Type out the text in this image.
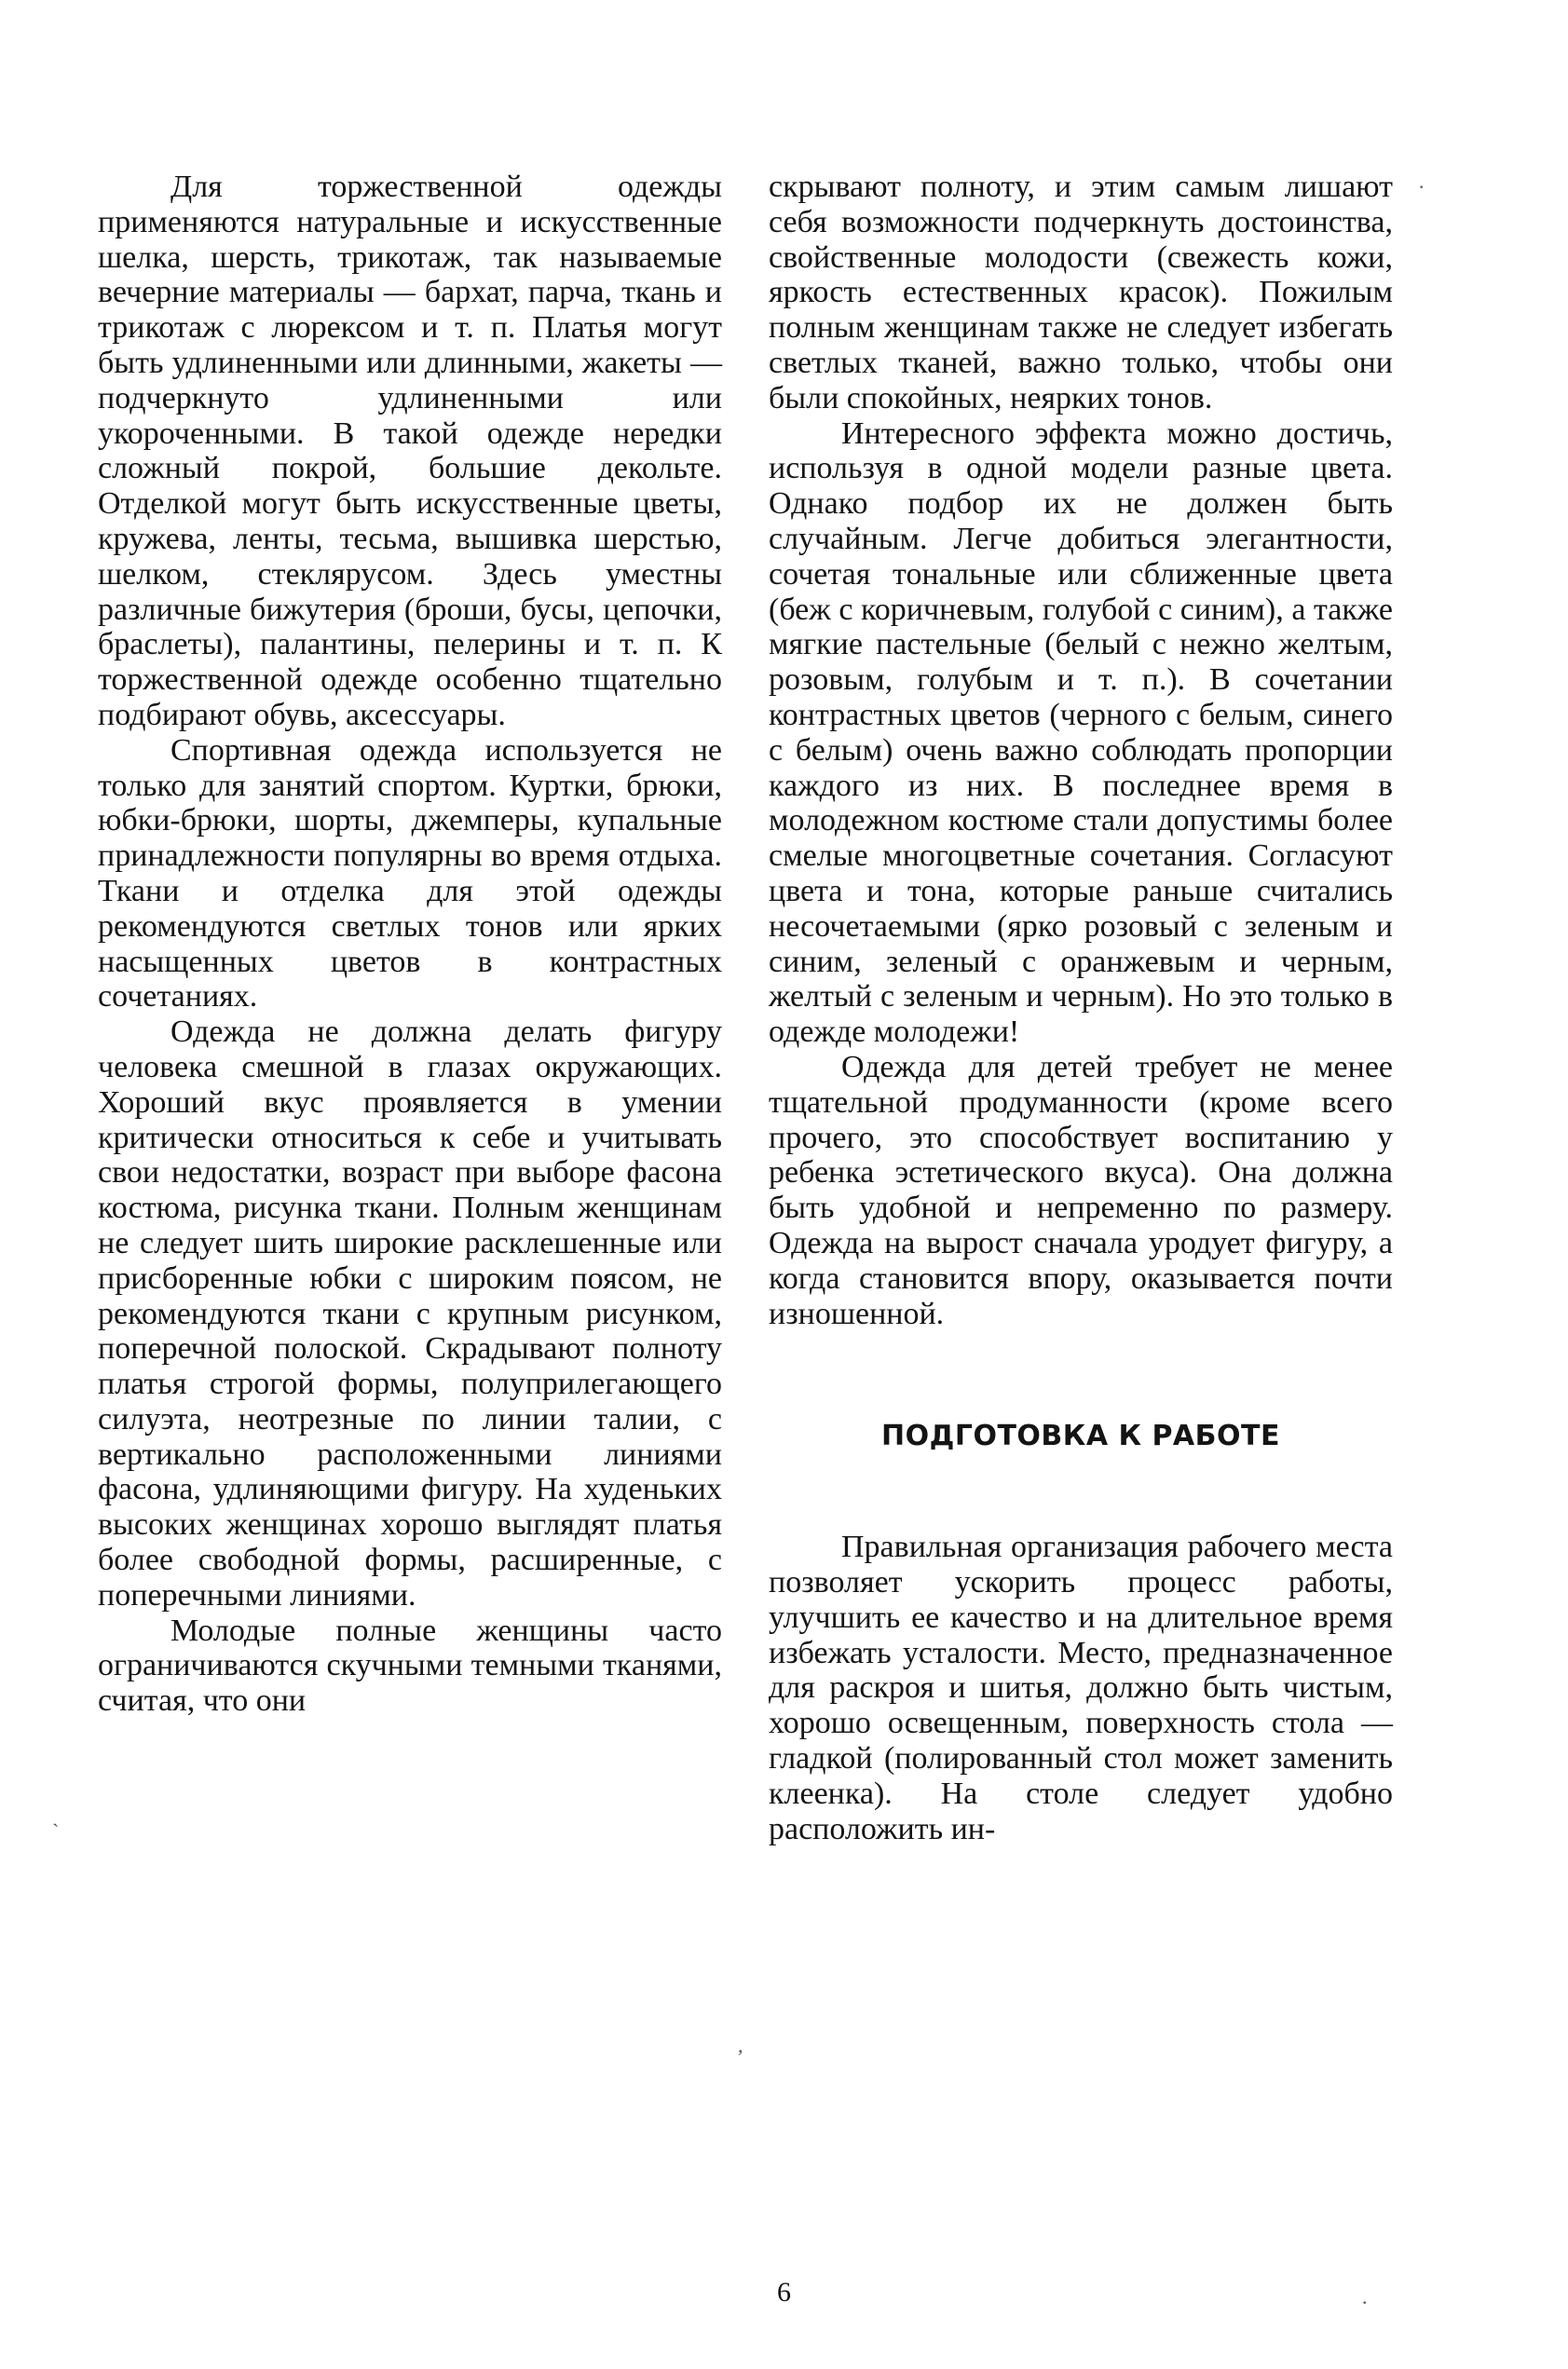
Для торжественной одежды применяются натуральные и искусственные шелка, шерсть, трикотаж, так называемые вечерние материалы — бархат, парча, ткань и трикотаж с люрексом и т. п. Платья могут быть удлиненными или длинными, жакеты — подчеркнуто удлиненными или укороченными. В такой одежде нередки сложный покрой, большие декольте. Отделкой могут быть искусственные цветы, кружева, ленты, тесьма, вышивка шерстью, шелком, стеклярусом. Здесь уместны различные бижутерия (броши, бусы, цепочки, браслеты), палантины, пелерины и т. п. К торжественной одежде особенно тщательно подбирают обувь, аксессуары.

Спортивная одежда используется не только для занятий спортом. Куртки, брюки, юбки-брюки, шорты, джемперы, купальные принадлежности популярны во время отдыха. Ткани и отделка для этой одежды рекомендуются светлых тонов или ярких насыщенных цветов в контрастных сочетаниях.

Одежда не должна делать фигуру человека смешной в глазах окружающих. Хороший вкус проявляется в умении критически относиться к себе и учитывать свои недостатки, возраст при выборе фасона костюма, рисунка ткани. Полным женщинам не следует шить широкие расклешенные или присборенные юбки с широким поясом, не рекомендуются ткани с крупным рисунком, поперечной полоской. Скрадывают полноту платья строгой формы, полуприлегающего силуэта, неотрезные по линии талии, с вертикально расположенными линиями фасона, удлиняющими фигуру. На худеньких высоких женщинах хорошо выглядят платья более свободной формы, расширенные, с поперечными линиями.

Молодые полные женщины часто ограничиваются скучными темными тканями, считая, что они

скрывают полноту, и этим самым лишают себя возможности подчеркнуть достоинства, свойственные молодости (свежесть кожи, яркость естественных красок). Пожилым полным женщинам также не следует избегать светлых тканей, важно только, чтобы они были спокойных, неярких тонов.

Интересного эффекта можно достичь, используя в одной модели разные цвета. Однако подбор их не должен быть случайным. Легче добиться элегантности, сочетая тональные или сближенные цвета (беж с коричневым, голубой с синим), а также мягкие пастельные (белый с нежно желтым, розовым, голубым и т. п.). В сочетании контрастных цветов (черного с белым, синего с белым) очень важно соблюдать пропорции каждого из них. В последнее время в молодежном костюме стали допустимы более смелые многоцветные сочетания. Согласуют цвета и тона, которые раньше считались несочетаемыми (ярко розовый с зеленым и синим, зеленый с оранжевым и черным, желтый с зеленым и черным). Но это только в одежде молодежи!

Одежда для детей требует не менее тщательной продуманности (кроме всего прочего, это способствует воспитанию у ребенка эстетического вкуса). Она должна быть удобной и непременно по размеру. Одежда на вырост сначала уродует фигуру, а когда становится впору, оказывается почти изношенной.

ПОДГОТОВКА К РАБОТЕ

Правильная организация рабочего места позволяет ускорить процесс работы, улучшить ее качество и на длительное время избежать усталости. Место, предназначенное для раскроя и шитья, должно быть чистым, хорошо освещенным, поверхность стола — гладкой (полированный стол может заменить клеенка). На столе следует удобно расположить ин-

6
·
`
,
.
